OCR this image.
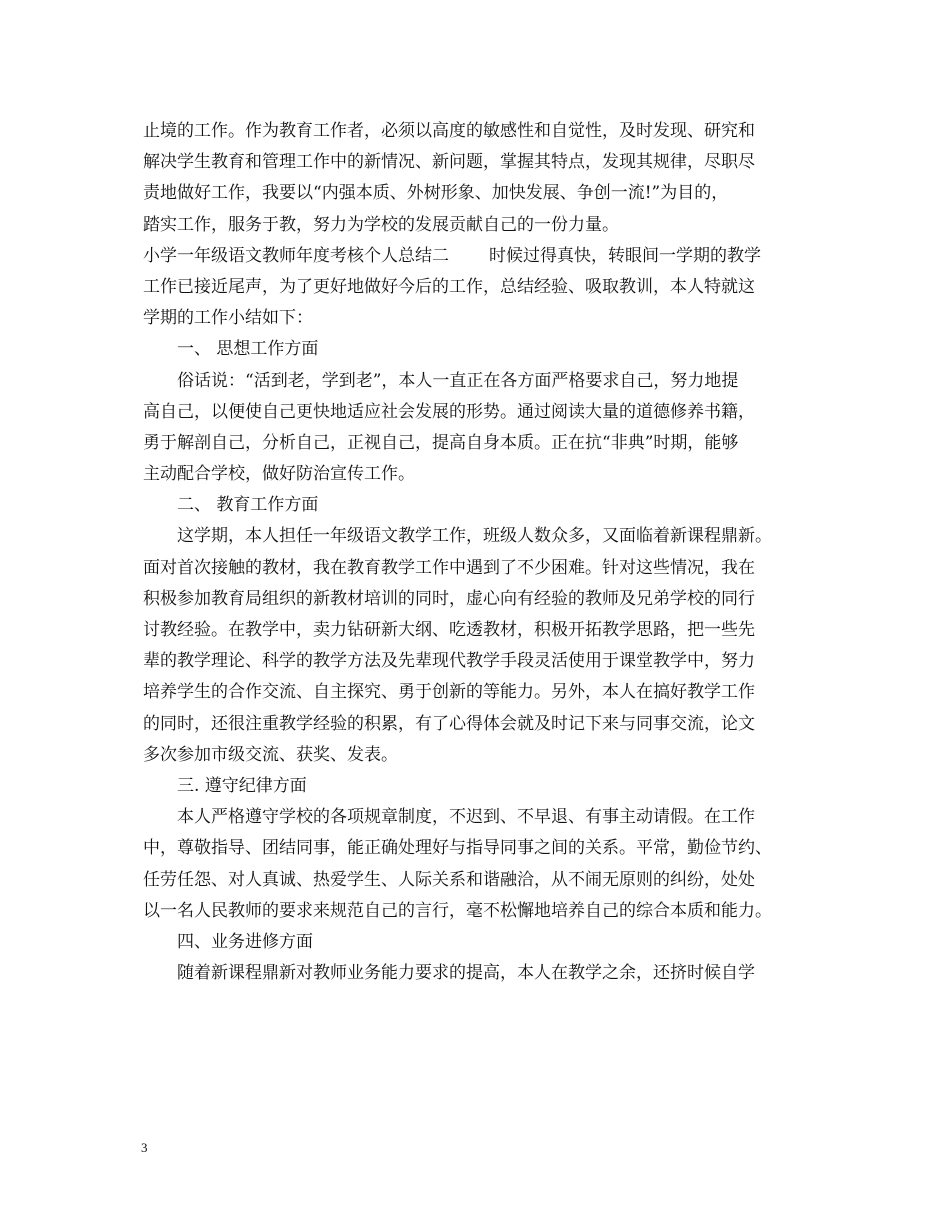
止境的工作。作为教育工作者，必须以高度的敏感性和自觉性，及时发现、研究和
解决学生教育和管理工作中的新情况、新问题，掌握其特点，发现其规律，尽职尽
责地做好工作，我要以“内强本质、外树形象、加快发展、争创一流!”为目的，
踏实工作，服务于教，努力为学校的发展贡献自己的一份力量。
小学一年级语文教师年度考核个人总结二 时候过得真快，转眼间一学期的教学
工作已接近尾声，为了更好地做好今后的工作，总结经验、吸取教训，本人特就这
学期的工作小结如下：
一、 思想工作方面
俗话说：“活到老，学到老”，本人一直正在各方面严格要求自己，努力地提
高自己，以便使自己更快地适应社会发展的形势。通过阅读大量的道德修养书籍，
勇于解剖自己，分析自己，正视自己，提高自身本质。正在抗“非典”时期，能够
主动配合学校，做好防治宣传工作。
二、 教育工作方面
这学期，本人担任一年级语文教学工作，班级人数众多，又面临着新课程鼎新。
面对首次接触的教材，我在教育教学工作中遇到了不少困难。针对这些情况，我在
积极参加教育局组织的新教材培训的同时，虚心向有经验的教师及兄弟学校的同行
讨教经验。在教学中，卖力钻研新大纲、吃透教材，积极开拓教学思路，把一些先
辈的教学理论、科学的教学方法及先辈现代教学手段灵活使用于课堂教学中，努力
培养学生的合作交流、自主探究、勇于创新的等能力。另外，本人在搞好教学工作
的同时，还很注重教学经验的积累，有了心得体会就及时记下来与同事交流，论文
多次参加市级交流、获奖、发表。
三. 遵守纪律方面
本人严格遵守学校的各项规章制度，不迟到、不早退、有事主动请假。在工作
中，尊敬指导、团结同事，能正确处理好与指导同事之间的关系。平常，勤俭节约、
任劳任怨、对人真诚、热爱学生、人际关系和谐融洽，从不闹无原则的纠纷，处处
以一名人民教师的要求来规范自己的言行，毫不松懈地培养自己的综合本质和能力。
四、业务进修方面
随着新课程鼎新对教师业务能力要求的提高，本人在教学之余，还挤时候自学
3
